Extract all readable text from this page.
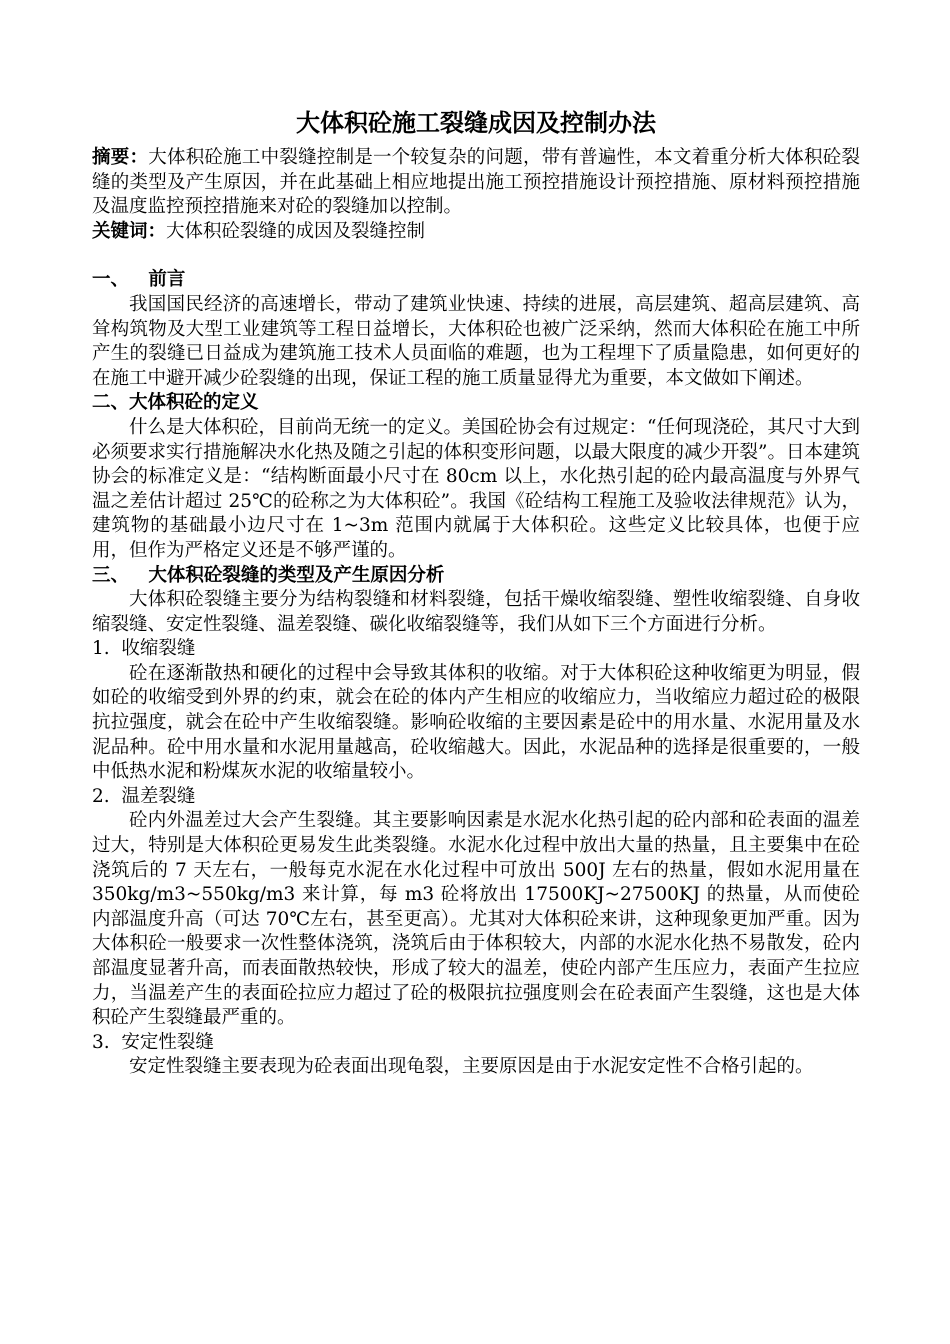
大体积砼施工裂缝成因及控制办法

摘要：大体积砼施工中裂缝控制是一个较复杂的问题，带有普遍性，本文着重分析大体积砼裂缝的类型及产生原因，并在此基础上相应地提出施工预控措施设计预控措施、原材料预控措施及温度监控预控措施来对砼的裂缝加以控制。

关键词：大体积砼裂缝的成因及裂缝控制

一、   前言

我国国民经济的高速增长，带动了建筑业快速、持续的进展，高层建筑、超高层建筑、高耸构筑物及大型工业建筑等工程日益增长，大体积砼也被广泛采纳，然而大体积砼在施工中所产生的裂缝已日益成为建筑施工技术人员面临的难题，也为工程埋下了质量隐患，如何更好的在施工中避开减少砼裂缝的出现，保证工程的施工质量显得尤为重要，本文做如下阐述。

二、大体积砼的定义

什么是大体积砼，目前尚无统一的定义。美国砼协会有过规定：“任何现浇砼，其尺寸大到必须要求实行措施解决水化热及随之引起的体积变形问题，以最大限度的减少开裂”。日本建筑协会的标准定义是：“结构断面最小尺寸在 80cm 以上，水化热引起的砼内最高温度与外界气温之差估计超过 25℃的砼称之为大体积砼”。我国《砼结构工程施工及验收法律规范》认为，建筑物的基础最小边尺寸在 1~3m 范围内就属于大体积砼。这些定义比较具体，也便于应用，但作为严格定义还是不够严谨的。

三、   大体积砼裂缝的类型及产生原因分析

大体积砼裂缝主要分为结构裂缝和材料裂缝，包括干燥收缩裂缝、塑性收缩裂缝、自身收缩裂缝、安定性裂缝、温差裂缝、碳化收缩裂缝等，我们从如下三个方面进行分析。

1.  收缩裂缝

砼在逐渐散热和硬化的过程中会导致其体积的收缩。对于大体积砼这种收缩更为明显，假如砼的收缩受到外界的约束，就会在砼的体内产生相应的收缩应力，当收缩应力超过砼的极限抗拉强度，就会在砼中产生收缩裂缝。影响砼收缩的主要因素是砼中的用水量、水泥用量及水泥品种。砼中用水量和水泥用量越高，砼收缩越大。因此，水泥品种的选择是很重要的，一般中低热水泥和粉煤灰水泥的收缩量较小。

2.  温差裂缝

砼内外温差过大会产生裂缝。其主要影响因素是水泥水化热引起的砼内部和砼表面的温差过大，特别是大体积砼更易发生此类裂缝。水泥水化过程中放出大量的热量，且主要集中在砼浇筑后的 7 天左右，一般每克水泥在水化过程中可放出 500J 左右的热量，假如水泥用量在 350kg/m3~550kg/m3 来计算，每 m3 砼将放出 17500KJ~27500KJ 的热量，从而使砼内部温度升高（可达 70℃左右，甚至更高）。尤其对大体积砼来讲，这种现象更加严重。因为大体积砼一般要求一次性整体浇筑，浇筑后由于体积较大，内部的水泥水化热不易散发，砼内部温度显著升高，而表面散热较快，形成了较大的温差，使砼内部产生压应力，表面产生拉应力，当温差产生的表面砼拉应力超过了砼的极限抗拉强度则会在砼表面产生裂缝，这也是大体积砼产生裂缝最严重的。

3.  安定性裂缝

安定性裂缝主要表现为砼表面出现龟裂，主要原因是由于水泥安定性不合格引起的。
